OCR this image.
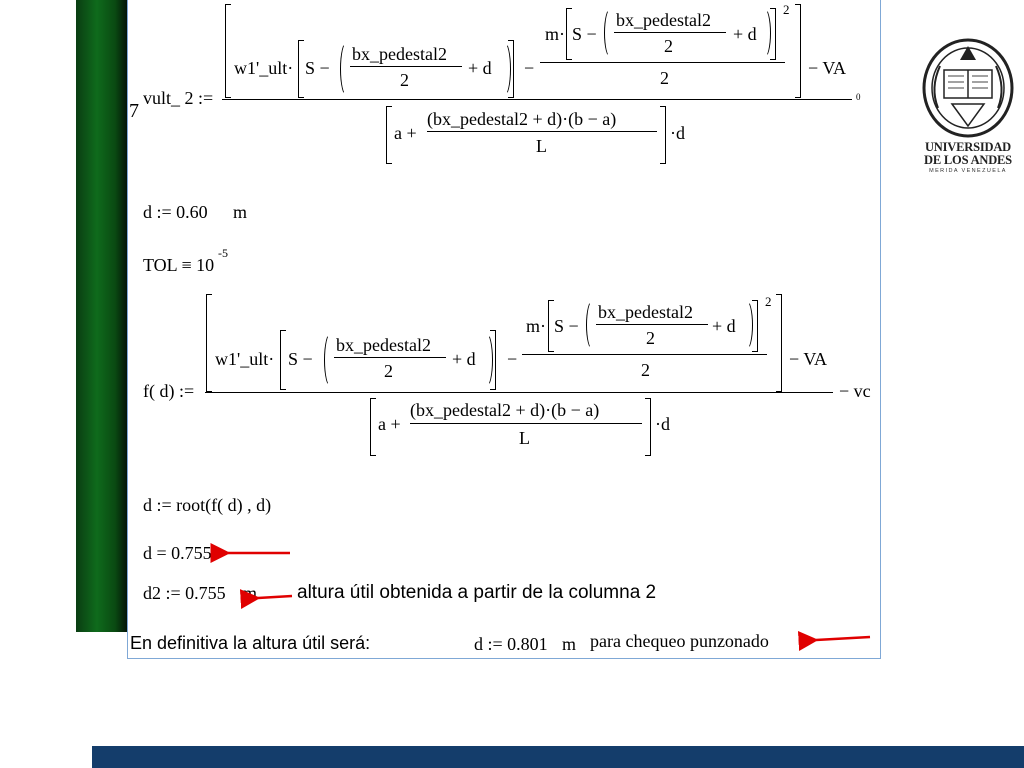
7
vult_ 2 :=
w1'_ult· S −
bx_pedestal2
2
+ d −
m· S −
bx_pedestal2
2
+ d
2
2	− VA
0
a +
(bx_pedestal2 + d)·(b − a)
L
·d
d := 0.60 m
TOL ≡ 10
-5
f( d) :=
w1'_ult· S −
bx_pedestal2
2
+ d −
m· S −
bx_pedestal2
2
+ d
2
2
− VA
− vc
a +
(bx_pedestal2 + d)·(b − a)
L
·d
d := root(f( d) , d)
d = 0.755
d2 := 0.755 m altura útil obtenida a partir de la columna 2
En definitiva la altura útil será:	d := 0.801 m para chequeo punzonado
UNIVERSIDAD
DE LOS ANDES
MERIDA VENEZUELA
